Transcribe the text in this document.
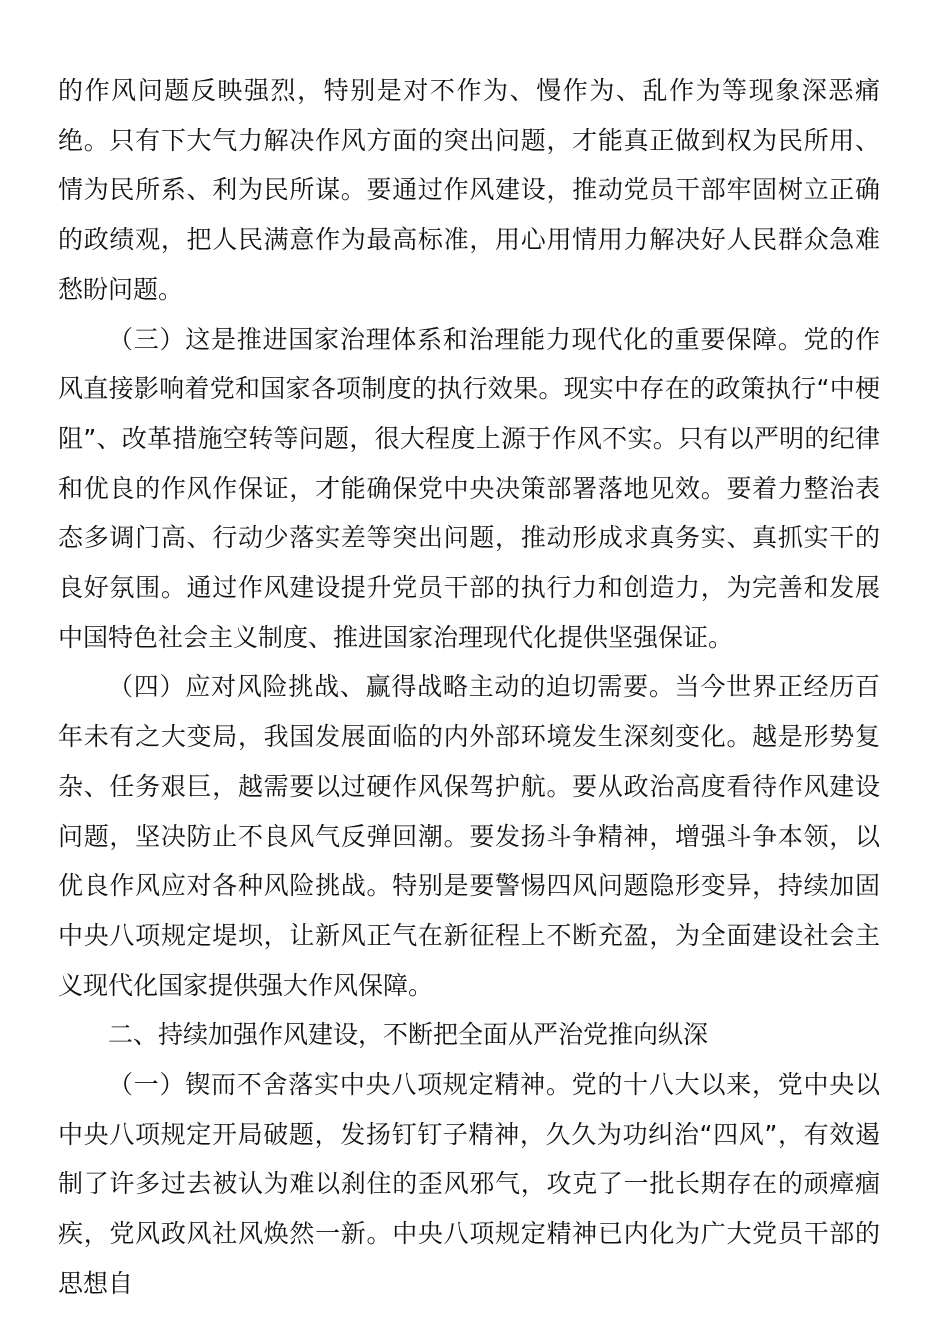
的作风问题反映强烈，特别是对不作为、慢作为、乱作为等现象深恶痛绝。只有下大气力解决作风方面的突出问题，才能真正做到权为民所用、情为民所系、利为民所谋。要通过作风建设，推动党员干部牢固树立正确的政绩观，把人民满意作为最高标准，用心用情用力解决好人民群众急难愁盼问题。

（三）这是推进国家治理体系和治理能力现代化的重要保障。党的作风直接影响着党和国家各项制度的执行效果。现实中存在的政策执行“中梗阻”、改革措施空转等问题，很大程度上源于作风不实。只有以严明的纪律和优良的作风作保证，才能确保党中央决策部署落地见效。要着力整治表态多调门高、行动少落实差等突出问题，推动形成求真务实、真抓实干的良好氛围。通过作风建设提升党员干部的执行力和创造力，为完善和发展中国特色社会主义制度、推进国家治理现代化提供坚强保证。

（四）应对风险挑战、赢得战略主动的迫切需要。当今世界正经历百年未有之大变局，我国发展面临的内外部环境发生深刻变化。越是形势复杂、任务艰巨，越需要以过硬作风保驾护航。要从政治高度看待作风建设问题，坚决防止不良风气反弹回潮。要发扬斗争精神，增强斗争本领，以优良作风应对各种风险挑战。特别是要警惕四风问题隐形变异，持续加固中央八项规定堤坝，让新风正气在新征程上不断充盈，为全面建设社会主义现代化国家提供强大作风保障。

二、持续加强作风建设，不断把全面从严治党推向纵深

（一）锲而不舍落实中央八项规定精神。党的十八大以来，党中央以中央八项规定开局破题，发扬钉钉子精神，久久为功纠治“四风”，有效遏制了许多过去被认为难以刹住的歪风邪气，攻克了一批长期存在的顽瘴痼疾，党风政风社风焕然一新。中央八项规定精神已内化为广大党员干部的思想自
